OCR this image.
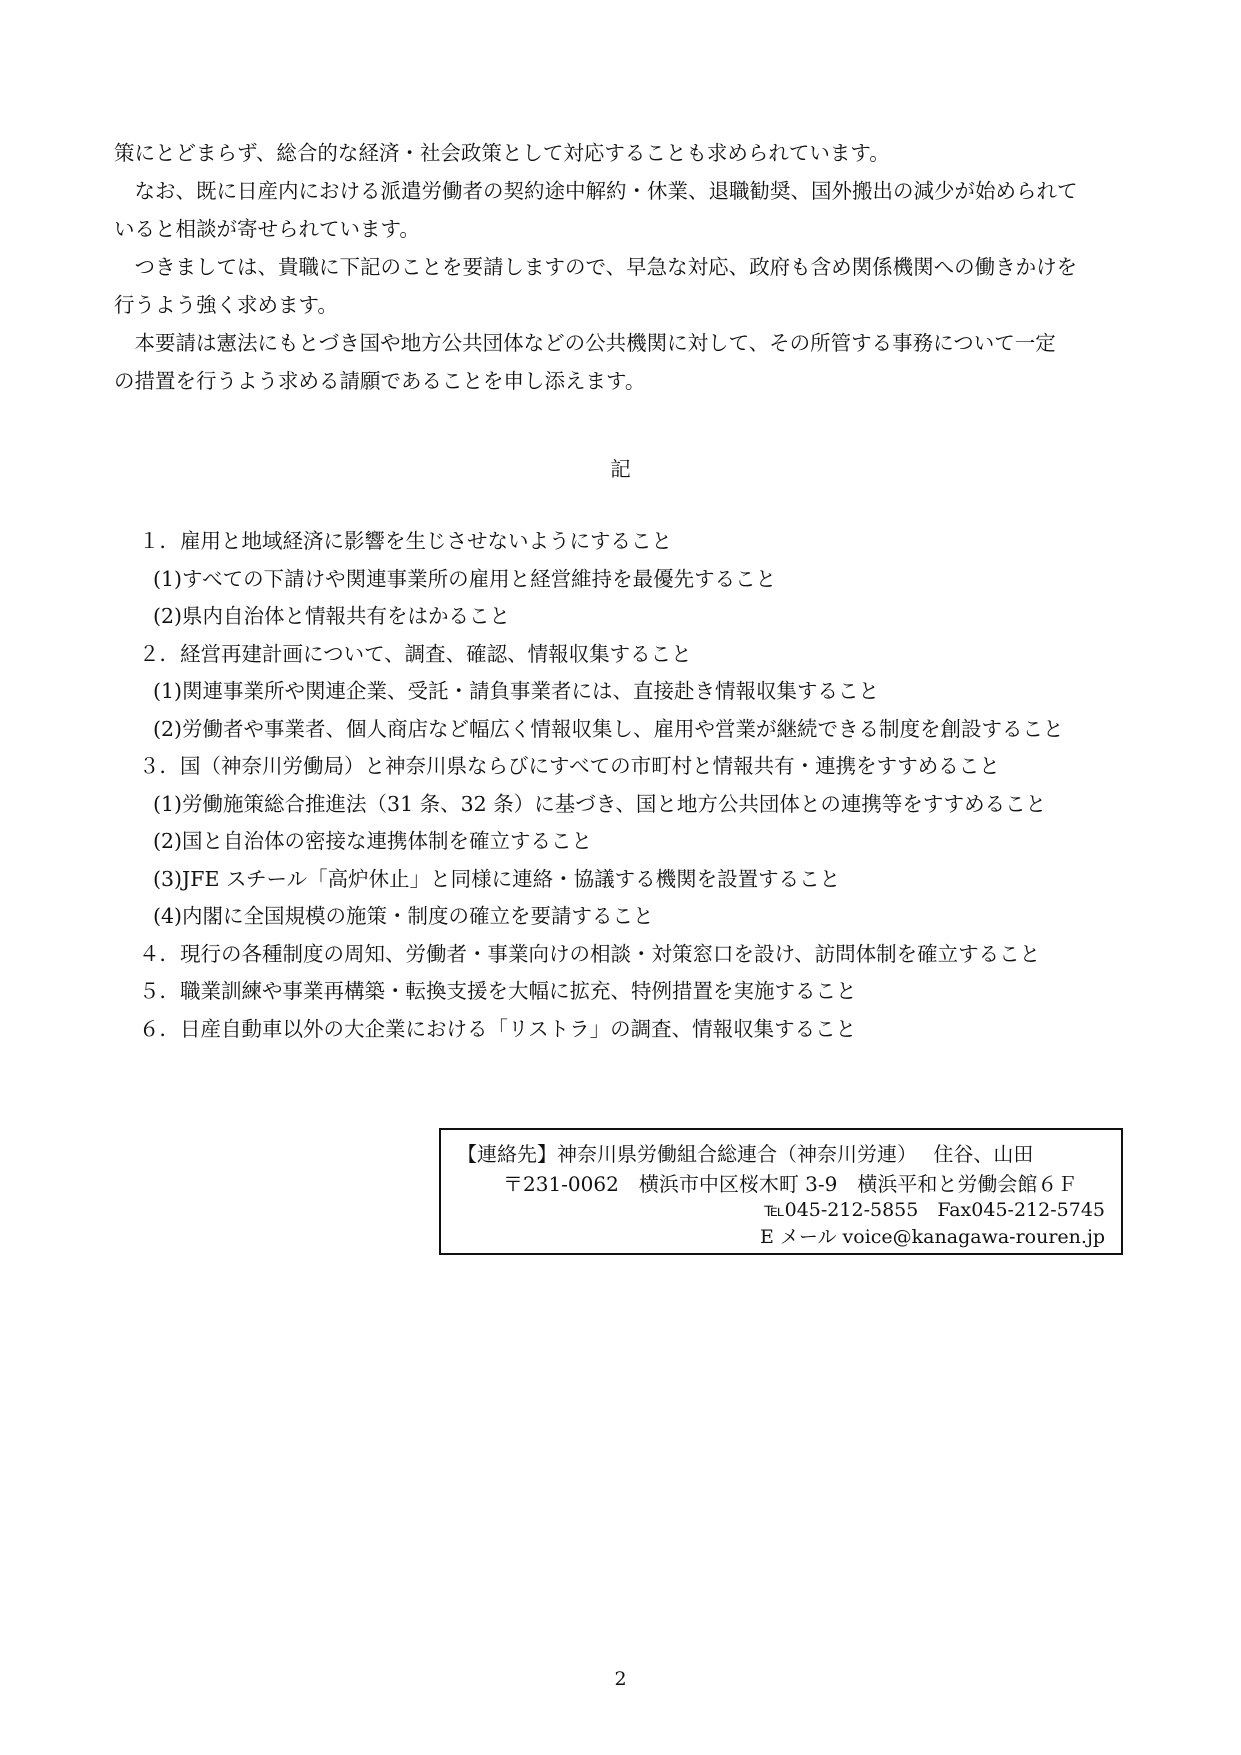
策にとどまらず、総合的な経済・社会政策として対応することも求められています。
　なお、既に日産内における派遣労働者の契約途中解約・休業、退職勧奨、国外搬出の減少が始められて
いると相談が寄せられています。
　つきましては、貴職に下記のことを要請しますので、早急な対応、政府も含め関係機関への働きかけを
行うよう強く求めます。
　本要請は憲法にもとづき国や地方公共団体などの公共機関に対して、その所管する事務について一定
の措置を行うよう求める請願であることを申し添えます。
記
１．雇用と地域経済に影響を生じさせないようにすること
(1)すべての下請けや関連事業所の雇用と経営維持を最優先すること
(2)県内自治体と情報共有をはかること
２．経営再建計画について、調査、確認、情報収集すること
(1)関連事業所や関連企業、受託・請負事業者には、直接赴き情報収集すること
(2)労働者や事業者、個人商店など幅広く情報収集し、雇用や営業が継続できる制度を創設すること
３．国（神奈川労働局）と神奈川県ならびにすべての市町村と情報共有・連携をすすめること
(1)労働施策総合推進法（31 条、32 条）に基づき、国と地方公共団体との連携等をすすめること
(2)国と自治体の密接な連携体制を確立すること
(3)JFE スチール「高炉休止」と同様に連絡・協議する機関を設置すること
(4)内閣に全国規模の施策・制度の確立を要請すること
４．現行の各種制度の周知、労働者・事業向けの相談・対策窓口を設け、訪問体制を確立すること
５．職業訓練や事業再構築・転換支援を大幅に拡充、特例措置を実施すること
６．日産自動車以外の大企業における「リストラ」の調査、情報収集すること
【連絡先】神奈川県労働組合総連合（神奈川労連）　 住谷、山田
〒231-0062　横浜市中区桜木町 3-9　横浜平和と労働会館６Ｆ
℡045-212-5855　Fax045-212-5745
E メール voice@kanagawa-rouren.jp
2
